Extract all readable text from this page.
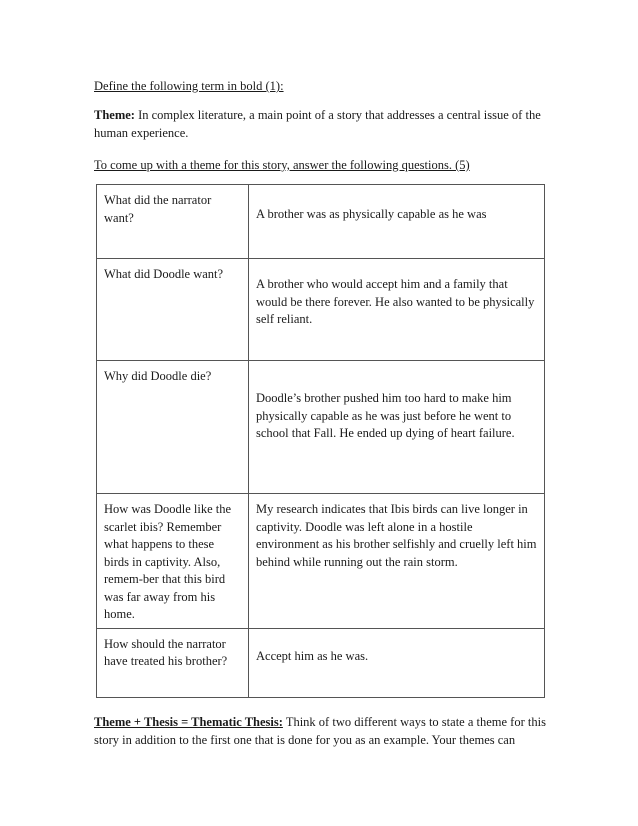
Define the following term in bold (1):
Theme: In complex literature, a main point of a story that addresses a central issue of the human experience.
To come up with a theme for this story, answer the following questions. (5)
What did the narrator want?	A brother was as physically capable as he was

What did Doodle want?	A brother who would accept him and a family that would be there forever. He also wanted to be physically self reliant.

Why did Doodle die?	Doodle’s brother pushed him too hard to make him physically capable as he was just before he went to school that Fall. He ended up dying of heart failure.

How was Doodle like the scarlet ibis? Remember what happens to these birds in captivity. Also, remem-ber that this bird was far away from his home.	My research indicates that Ibis birds can live longer in captivity. Doodle was left alone in a hostile environment as his brother selfishly and cruelly left him behind while running out the rain storm.
How should the narrator have treated his brother?	Accept him as he was.
Theme + Thesis = Thematic Thesis: Think of two different ways to state a theme for this story in addition to the first one that is done for you as an example. Your themes can
